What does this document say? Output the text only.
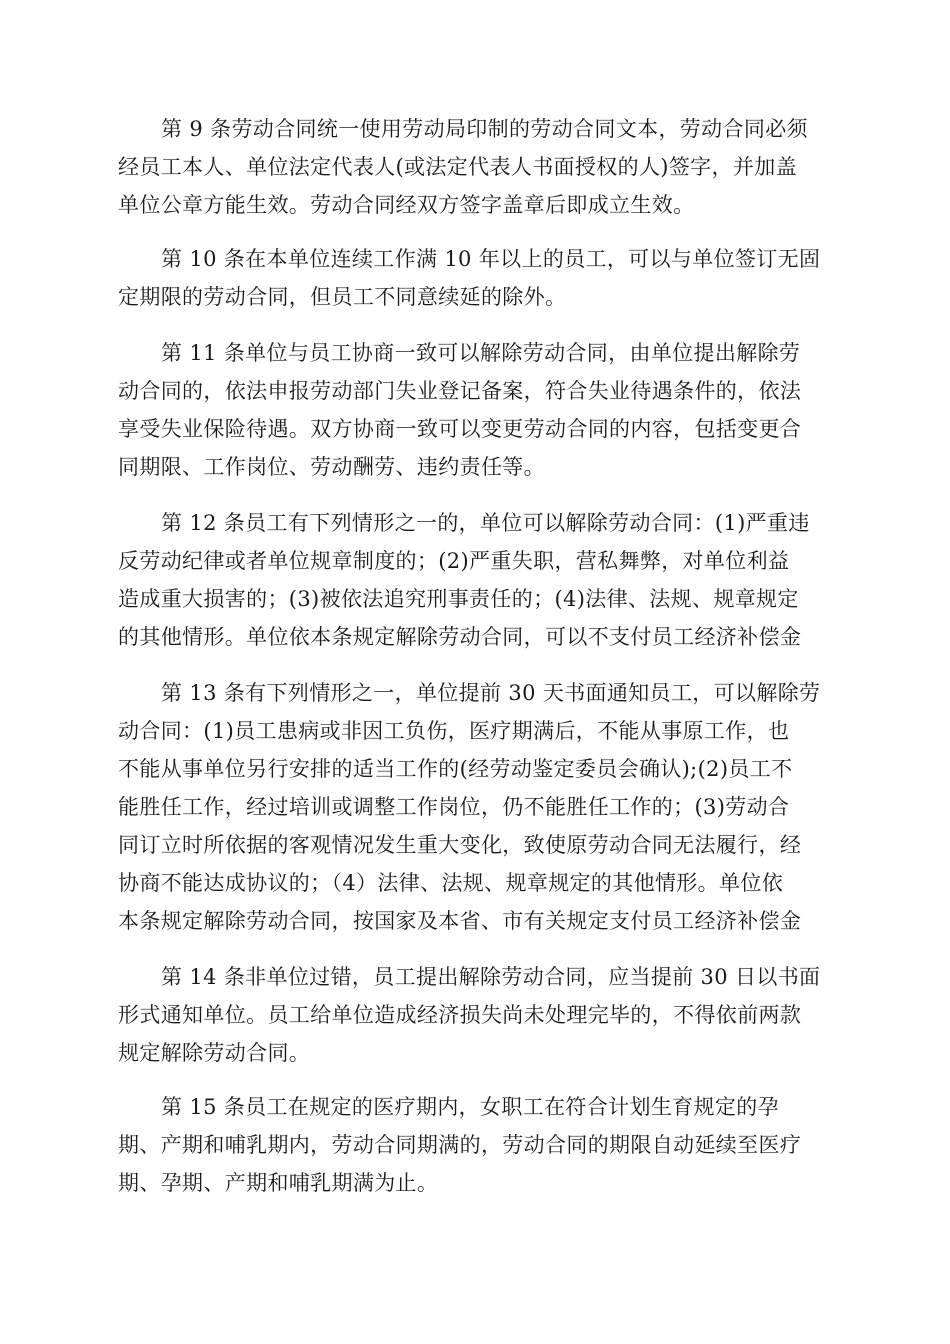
第 9 条劳动合同统一使用劳动局印制的劳动合同文本，劳动合同必须
经员工本人、单位法定代表人(或法定代表人书面授权的人)签字，并加盖
单位公章方能生效。劳动合同经双方签字盖章后即成立生效。
第 10 条在本单位连续工作满 10 年以上的员工，可以与单位签订无固
定期限的劳动合同，但员工不同意续延的除外。
第 11 条单位与员工协商一致可以解除劳动合同，由单位提出解除劳
动合同的，依法申报劳动部门失业登记备案，符合失业待遇条件的，依法
享受失业保险待遇。双方协商一致可以变更劳动合同的内容，包括变更合
同期限、工作岗位、劳动酬劳、违约责任等。
第 12 条员工有下列情形之一的，单位可以解除劳动合同：(1)严重违
反劳动纪律或者单位规章制度的；(2)严重失职，营私舞弊，对单位利益
造成重大损害的；(3)被依法追究刑事责任的；(4)法律、法规、规章规定
的其他情形。单位依本条规定解除劳动合同，可以不支付员工经济补偿金
第 13 条有下列情形之一，单位提前 30 天书面通知员工，可以解除劳
动合同：(1)员工患病或非因工负伤，医疗期满后，不能从事原工作，也
不能从事单位另行安排的适当工作的(经劳动鉴定委员会确认);(2)员工不
能胜任工作，经过培训或调整工作岗位，仍不能胜任工作的；(3)劳动合
同订立时所依据的客观情况发生重大变化，致使原劳动合同无法履行，经
协商不能达成协议的；（4）法律、法规、规章规定的其他情形。单位依
本条规定解除劳动合同，按国家及本省、市有关规定支付员工经济补偿金
第 14 条非单位过错，员工提出解除劳动合同，应当提前 30 日以书面
形式通知单位。员工给单位造成经济损失尚未处理完毕的，不得依前两款
规定解除劳动合同。
第 15 条员工在规定的医疗期内，女职工在符合计划生育规定的孕
期、产期和哺乳期内，劳动合同期满的，劳动合同的期限自动延续至医疗
期、孕期、产期和哺乳期满为止。
